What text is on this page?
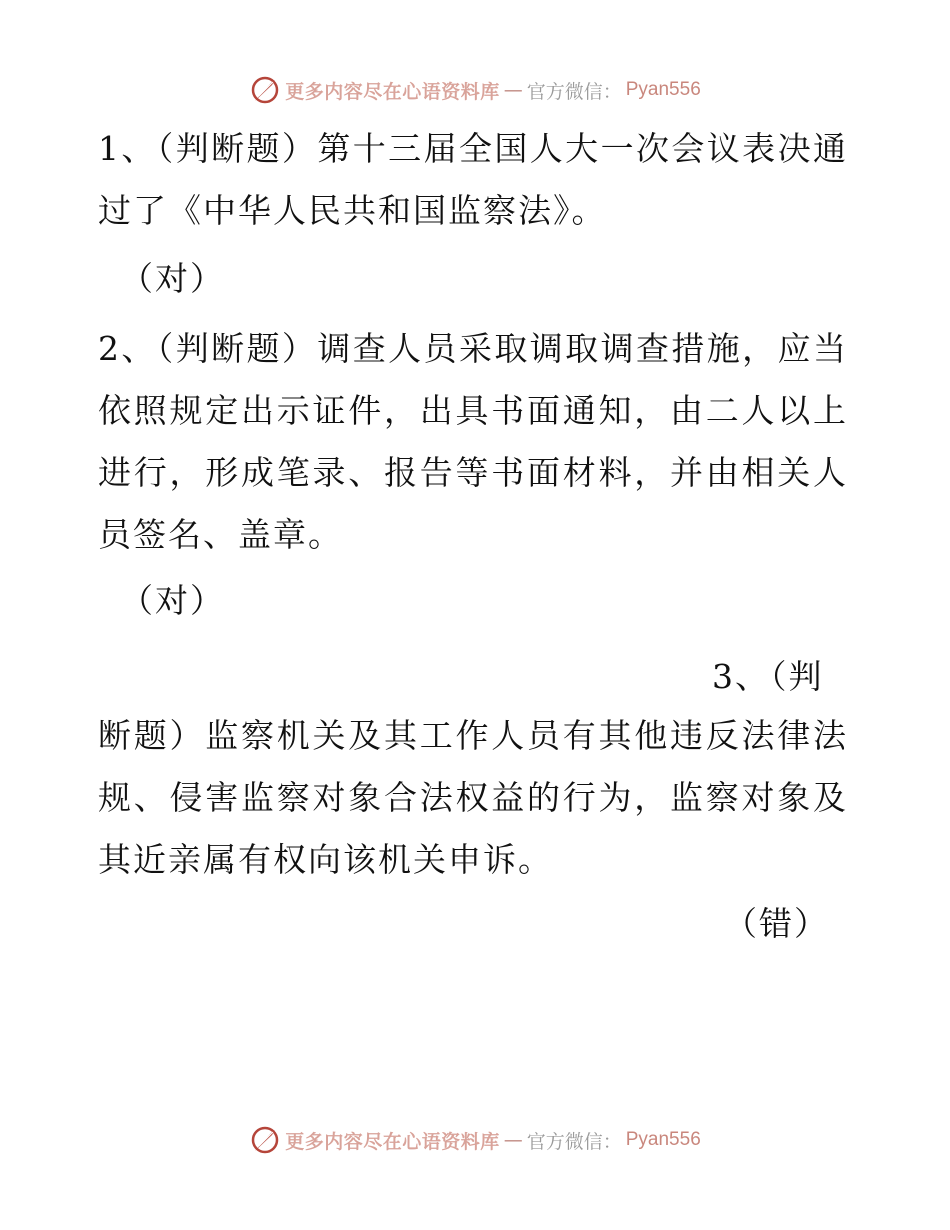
更多内容尽在心语资料库 — 官方微信： Pyan556

1、（判断题）第十三届全国人大一次会议表决通过了《中华人民共和国监察法》。

（对）

2、（判断题）调查人员采取调取调查措施，应当依照规定出示证件，出具书面通知，由二人以上进行，形成笔录、报告等书面材料，并由相关人员签名、盖章。

（对）
3、（判

断题）监察机关及其工作人员有其他违反法律法规、侵害监察对象合法权益的行为，监察对象及其近亲属有权向该机关申诉。

（错）
更多内容尽在心语资料库 — 官方微信： Pyan556
